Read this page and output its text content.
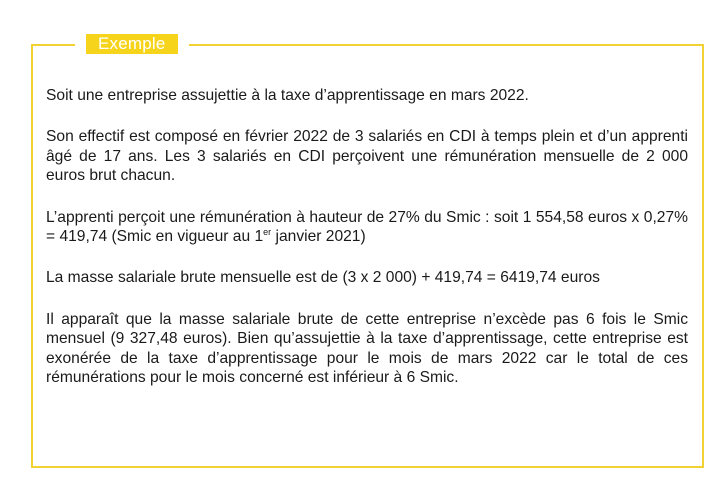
Exemple

Soit une entreprise assujettie à la taxe d’apprentissage en mars 2022.

Son effectif est composé en février 2022 de 3 salariés en CDI à temps plein et d’un apprenti âgé de 17 ans. Les 3 salariés en CDI perçoivent une rémunération mensuelle de 2 000 euros brut chacun.

L’apprenti perçoit une rémunération à hauteur de 27% du Smic : soit 1 554,58 euros x 0,27% = 419,74 (Smic en vigueur au 1er janvier 2021)

La masse salariale brute mensuelle est de (3 x 2 000) + 419,74 = 6419,74 euros

Il apparaît que la masse salariale brute de cette entreprise n’excède pas 6 fois le Smic mensuel (9 327,48 euros). Bien qu’assujettie à la taxe d’apprentissage, cette entreprise est exonérée de la taxe d’apprentissage pour le mois de mars 2022 car le total de ces rémunérations pour le mois concerné est inférieur à 6 Smic.
